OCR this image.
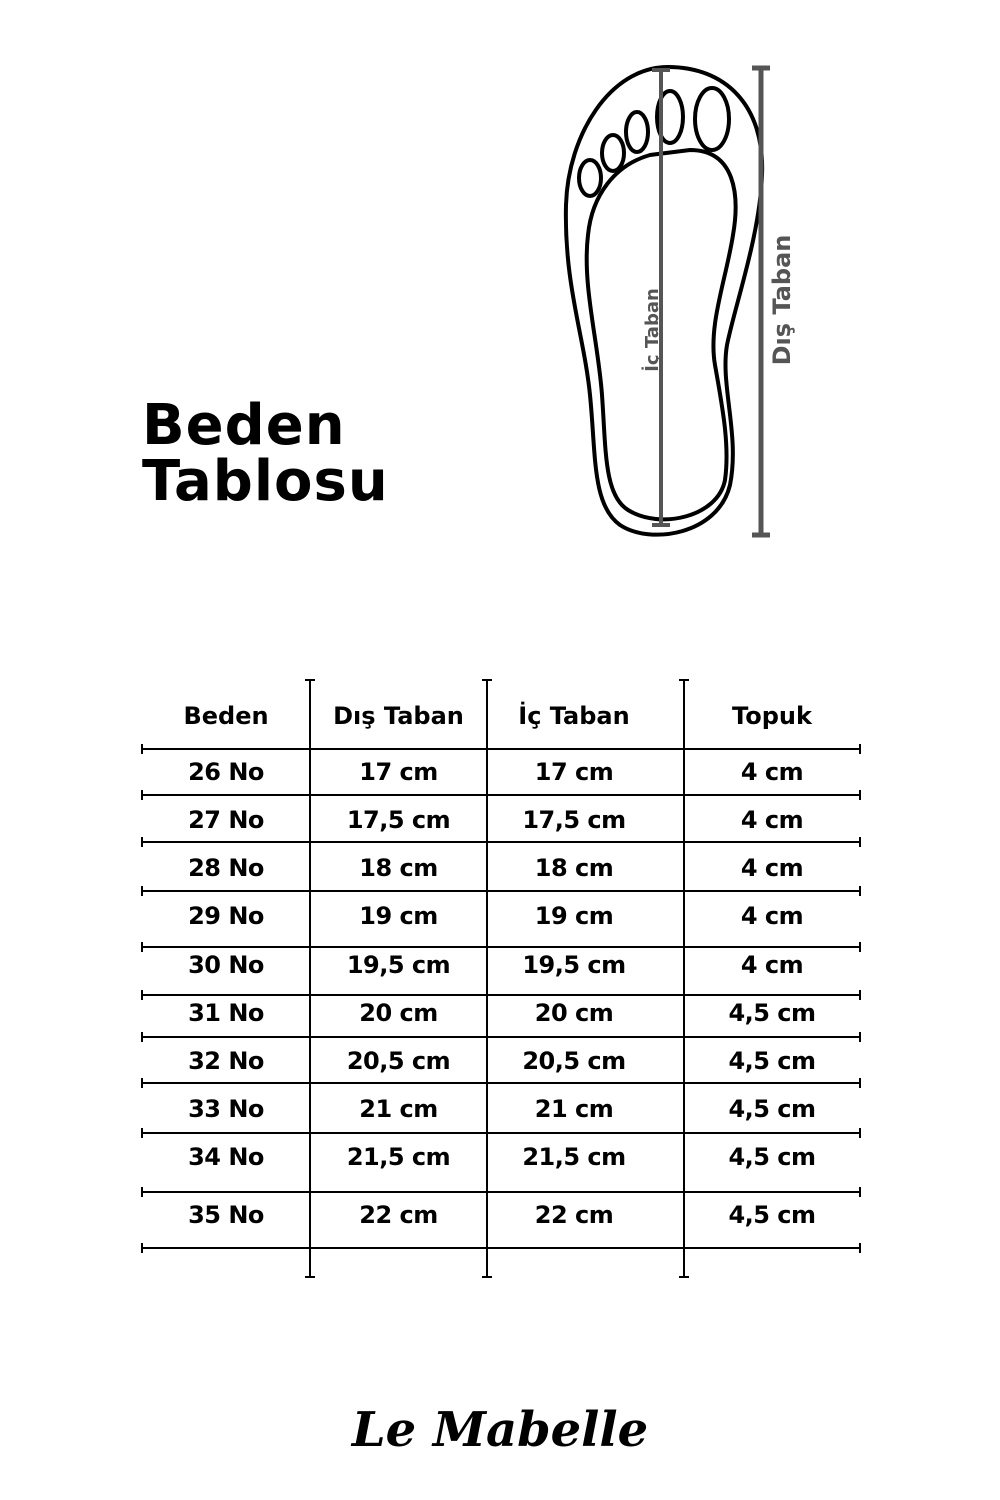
Beden
Tablosu
İç Taban	Dış Taban
Beden	Dış Taban	İç Taban	Topuk
26 No	17 cm	17 cm	4 cm
27 No	17,5 cm	17,5 cm	4 cm
28 No	18 cm	18 cm	4 cm
29 No	19 cm	19 cm	4 cm
30 No	19,5 cm	19,5 cm	4 cm
31 No	20 cm	20 cm	4,5 cm
32 No	20,5 cm	20,5 cm	4,5 cm
33 No	21 cm	21 cm	4,5 cm
34 No	21,5 cm	21,5 cm	4,5 cm
35 No	22 cm	22 cm	4,5 cm
Le Mabelle
